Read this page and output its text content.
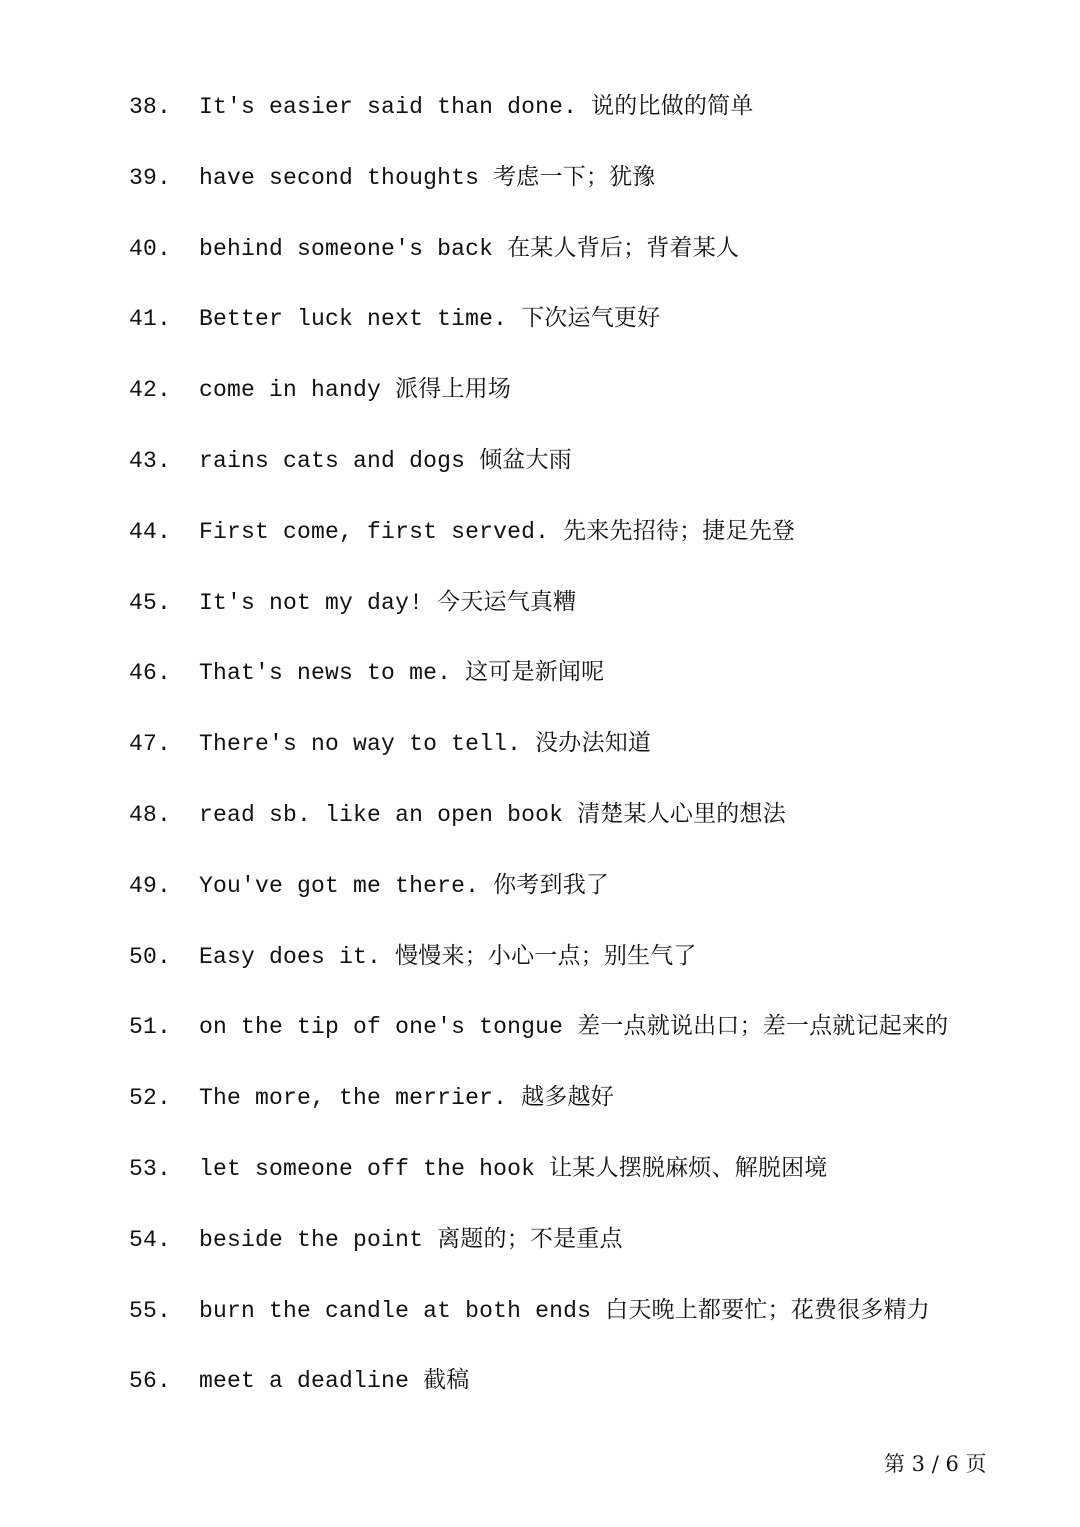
38. It's easier said than done. 说的比做的简单
39. have second thoughts 考虑一下；犹豫
40. behind someone's back 在某人背后；背着某人
41. Better luck next time. 下次运气更好
42. come in handy 派得上用场
43. rains cats and dogs 倾盆大雨
44. First come, first served. 先来先招待；捷足先登
45. It's not my day! 今天运气真糟
46. That's news to me. 这可是新闻呢
47. There's no way to tell. 没办法知道
48. read sb. like an open book 清楚某人心里的想法
49. You've got me there. 你考到我了
50. Easy does it. 慢慢来；小心一点；别生气了
51. on the tip of one's tongue 差一点就说出口；差一点就记起来的
52. The more, the merrier. 越多越好
53. let someone off the hook 让某人摆脱麻烦、解脱困境
54. beside the point 离题的；不是重点
55. burn the candle at both ends 白天晚上都要忙；花费很多精力
56. meet a deadline 截稿
第 3 / 6 页
